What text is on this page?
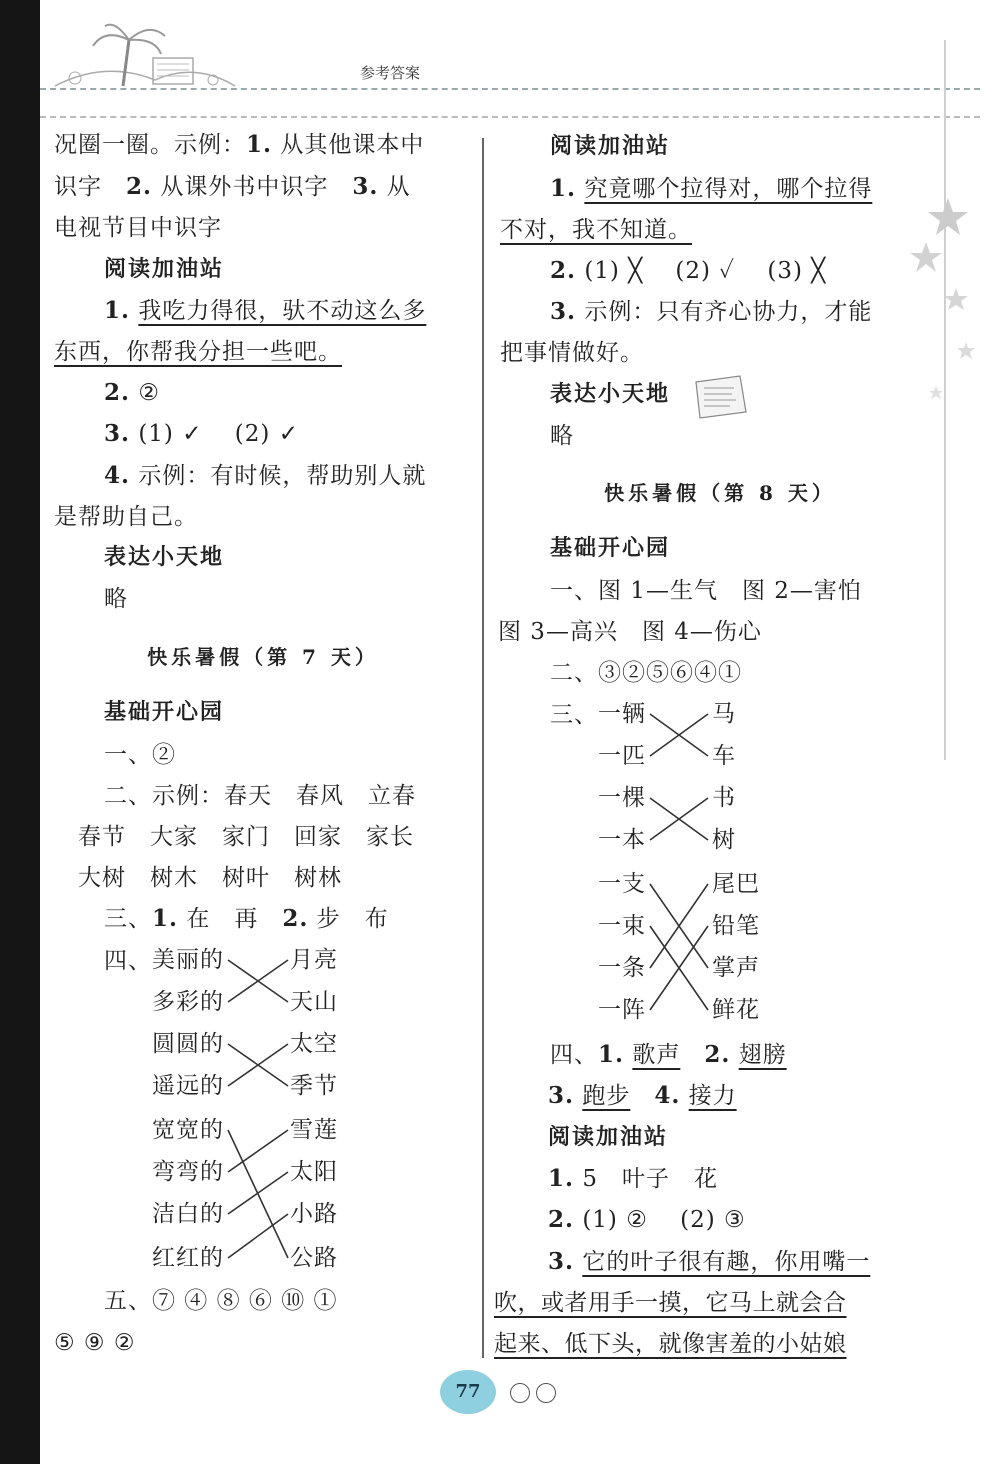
参考答案
况圈一圈。示例：1. 从其他课本中
识字　 2. 从课外书中识字　 3. 从
电视节目中识字
阅读加油站
1. 我吃力得很，驮不动这么多
东西，你帮我分担一些吧。
2. ②
3. (1) ✓　 (2) ✓
4. 示例：有时候，帮助别人就
是帮助自己。
表达小天地
略
快乐暑假（第 7 天）
基础开心园
一、②
二、示例：春天　春风　立春
春节　大家　家门　回家　家长
大树　树木　树叶　树林
三、1. 在　再　 2. 步　布
四、 美丽的
多彩的
圆圆的
遥远的
宽宽的
弯弯的
洁白的
红红的
月亮
天山
太空
季节
雪莲
太阳
小路
公路
五、⑦ ④ ⑧ ⑥ ⑩ ①
⑤ ⑨ ②
阅读加油站
1. 究竟哪个拉得对，哪个拉得
不对，我不知道。
2. (1) ╳　 (2) ✓　 (3) ╳
3. 示例：只有齐心协力，才能
把事情做好。
表达小天地
略
快乐暑假（第 8 天）
基础开心园
一、图 1—生气　图 2—害怕
图 3—高兴　图 4—伤心
二、③②⑤⑥④①
三、 一辆
一匹
一棵
一本
一支
一束
一条
一阵
马
车
书
树
尾巴
铅笔
掌声
鲜花
四、1. 歌声　 2. 翅膀
3. 跑步　 4. 接力
阅读加油站
1. 5　叶子　花
2. (1) ②　 (2) ③
3. 它的叶子很有趣，你用嘴一
吹，或者用手一摸，它马上就会合
起来、低下头，就像害羞的小姑娘
77
